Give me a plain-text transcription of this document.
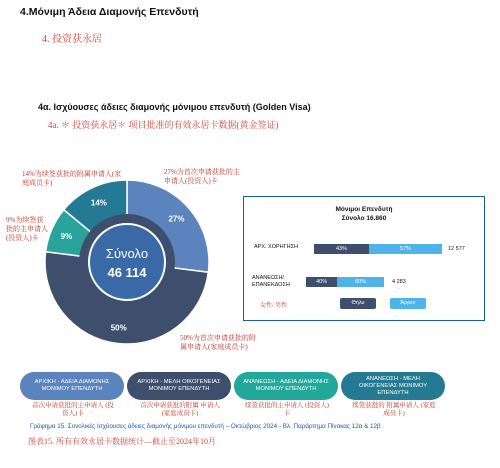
4.Μόνιμη Άδεια Διαμονής Επενδυτή
4. 投资获永居
4α. Ισχύουσες άδειες διαμονής μόνιμου επενδυτή (Golden Visa)
4a. ＊ 投资获永居＊ 项目批准的有效永居卡数据(黄金签证)
Σύνολο
46 114
27%
50%
9%
14%
14%为续签获批的附属申请人(家庭成员卡)
27%为首次申请获批的主申请人(投资人)卡
9%为续签获批的主申请人(投资人)卡
50%为首次申请获批的附属申请人(家庭成员卡)
Μόνιμοι Επενδυτή
Σύνολο 16.860
ΑΡΧ. ΧΟΡΗΓΗΣΗ
ΑΝΑΝΕΩΣΗ/ ΕΠΑΝΕΚΔΟΣΗ
43%	57%
40%	60%
12 577
4 283
女性/ 男性	Θήλυ	Άρρεν
ΑΡΧΙΚΗ - ΑΔΕΙΑ ΔΙΑΜΟΝΗΣ ΜΟΝΙΜΟΥ ΕΠΕΝΔΥΤΗ
ΑΡΧΙΚΗ - ΜΕΛΗ ΟΙΚΟΓΕΝΕΙΑΣ ΜΟΝΙΜΟΥ ΕΠΕΝΔΥΤΗ
ΑΝΑΝΕΩΣΗ - ΑΔΕΙΑ ΔΙΑΜΟΝΗΣ ΜΟΝΙΜΟΥ ΕΠΕΝΔΥΤΗ
ΑΝΑΝΕΩΣΗ - ΜΕΛΗ ΟΙΚΟΓΕΝΕΙΑΣ ΜΟΝΙΜΟΥ ΕΠΕΝΔΥΤΗ
首次申请获批的主申请人 (投资人)卡
首次申请获批的附属 申请人 (家庭成员卡)
续签获批的主申请人 (投资人)卡
续签获批的 附属申请人 (家庭成员卡)
Γράφημα 15. Συνολικές Ισχύουσες άδειες διαμονής μόνιμου επενδυτή – Οκτώβριος 2024 - Βλ. Παράρτημα Πίνακας 12α & 12β
图表15. 所有有效永居卡数据统计—截止至2024年10月
